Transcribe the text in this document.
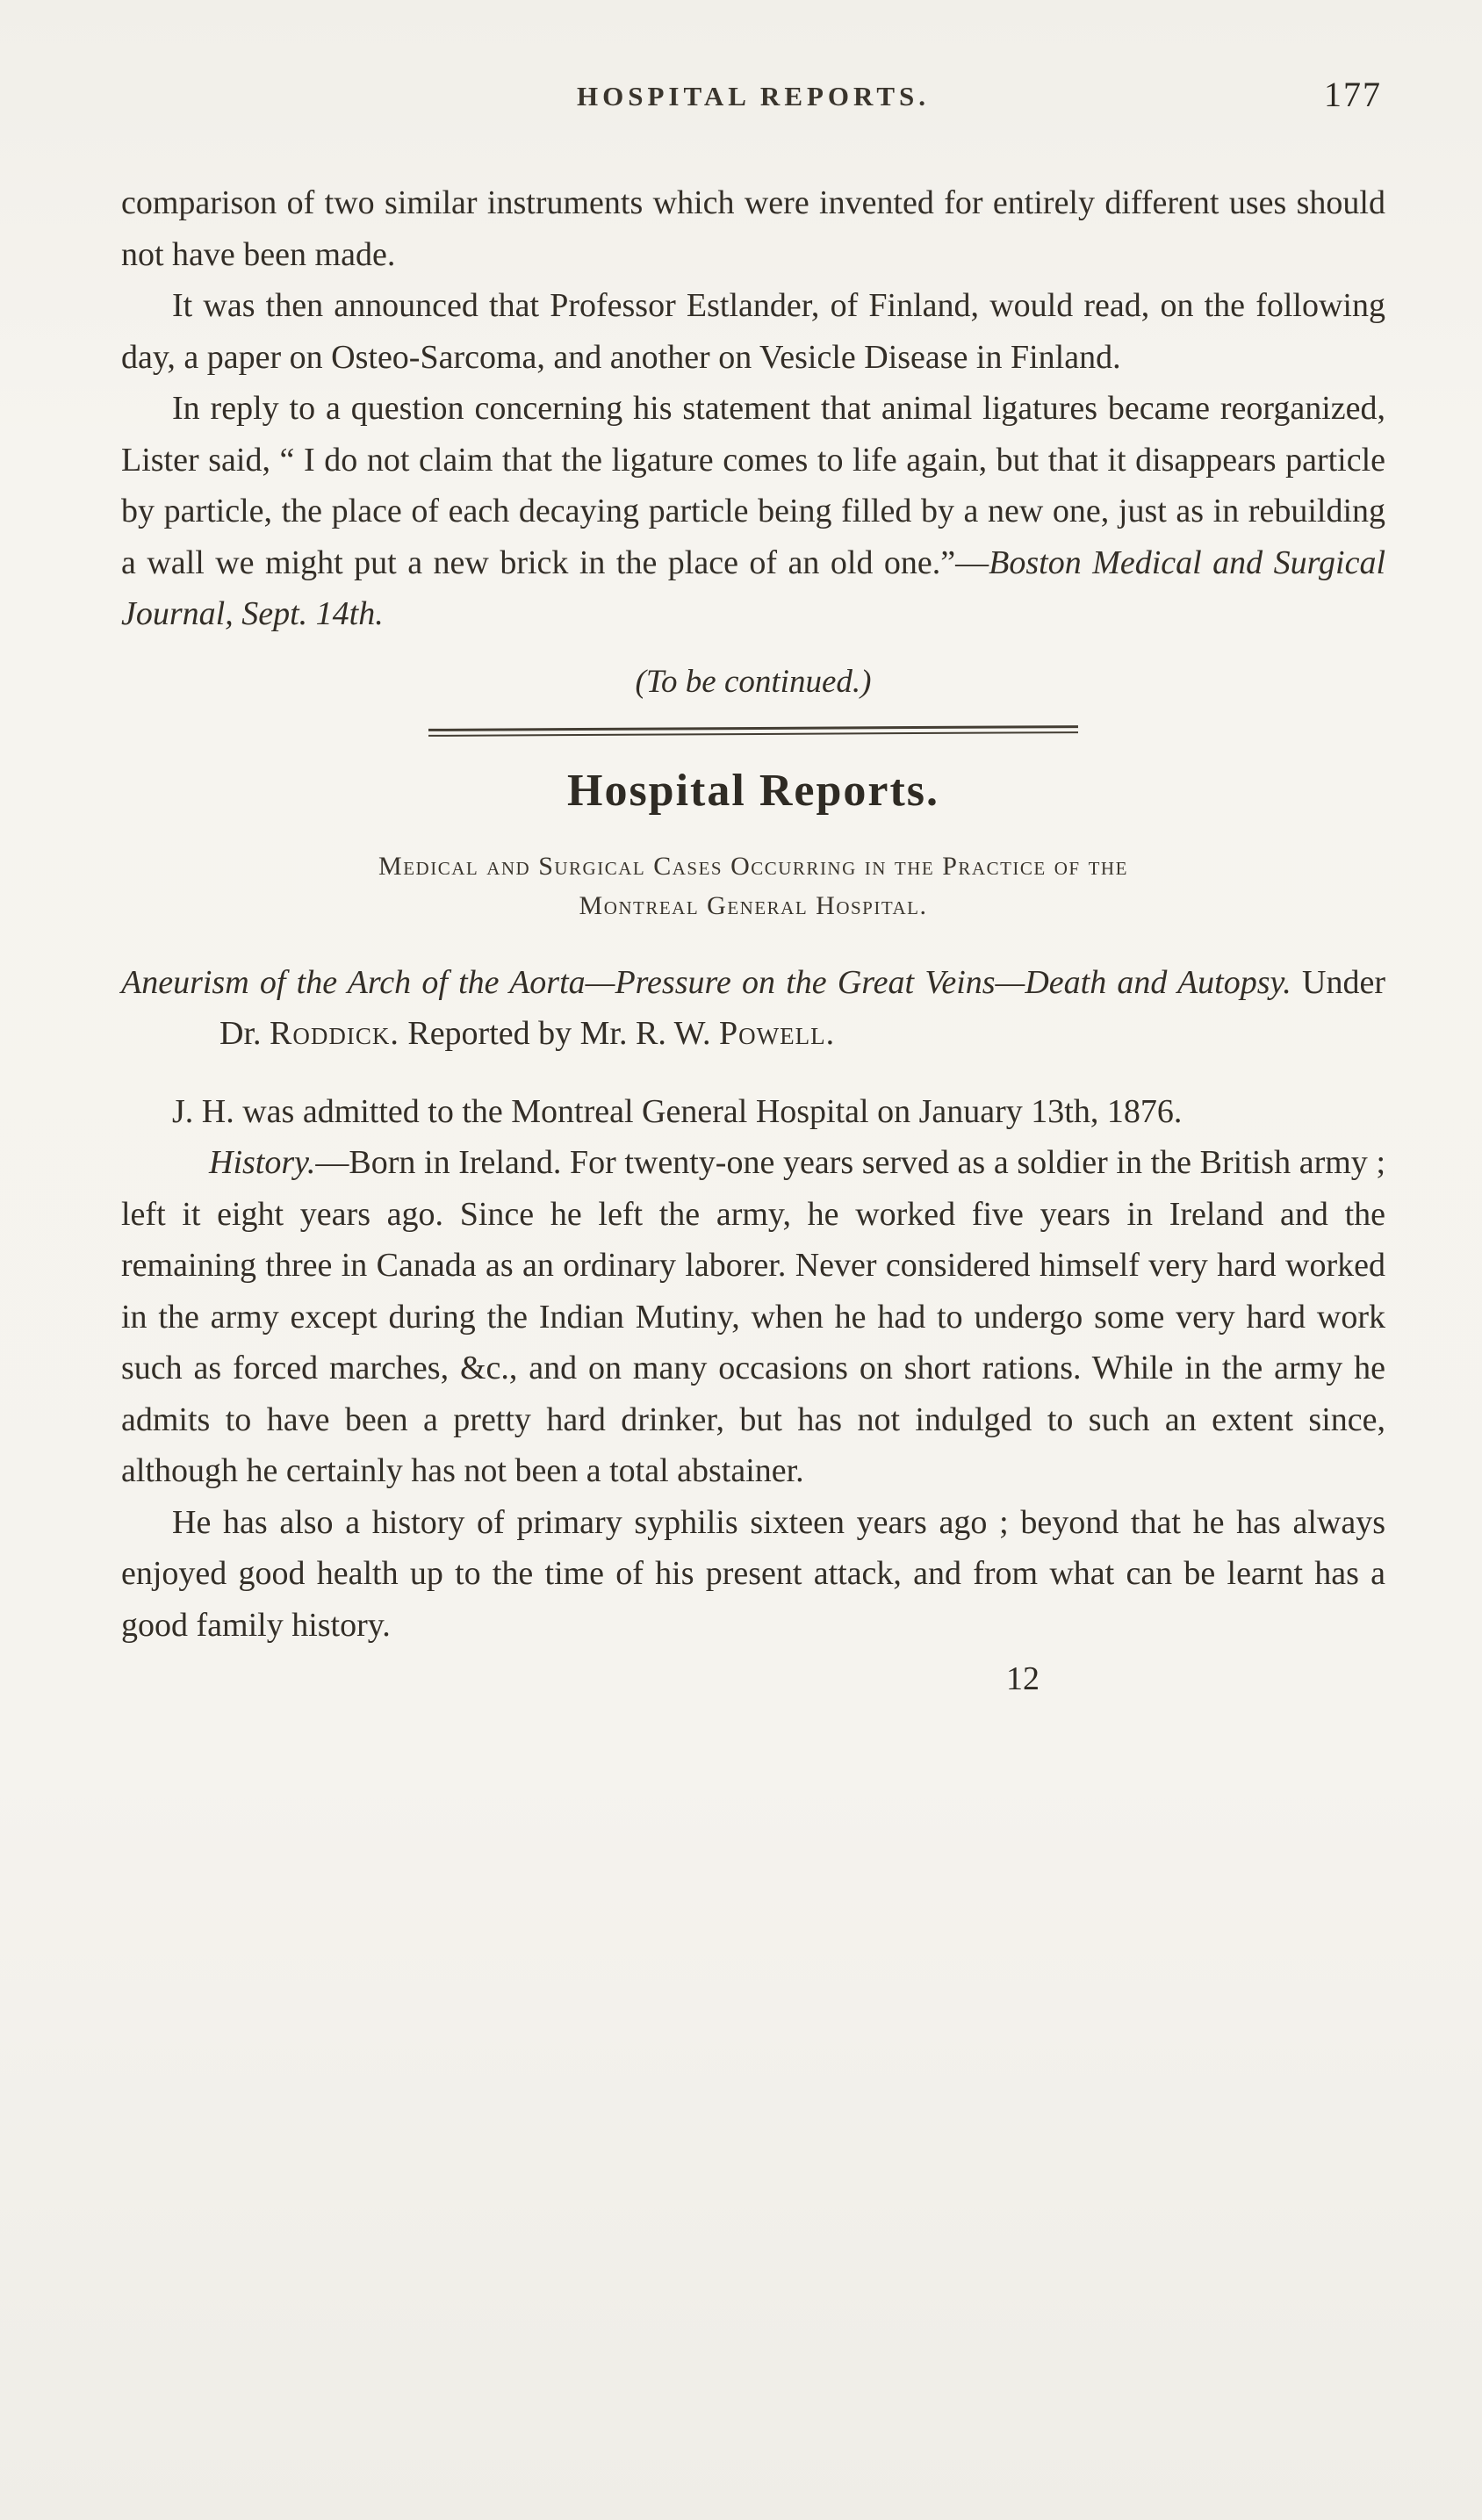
HOSPITAL REPORTS.	177

comparison of two similar instruments which were invented for entirely different uses should not have been made.

It was then announced that Professor Estlander, of Finland, would read, on the following day, a paper on Osteo-Sarcoma, and another on Vesicle Disease in Finland.

In reply to a question concerning his statement that animal ligatures became reorganized, Lister said, “ I do not claim that the ligature comes to life again, but that it disappears particle by particle, the place of each decaying particle being filled by a new one, just as in rebuilding a wall we might put a new brick in the place of an old one.”—Boston Medical and Surgical Journal, Sept. 14th.

(To be continued.)

Hospital Reports.

Medical and Surgical Cases Occurring in the Practice of the
Montreal General Hospital.

Aneurism of the Arch of the Aorta—Pressure on the Great Veins—Death and Autopsy. Under Dr. Roddick. Reported by Mr. R. W. Powell.

J. H. was admitted to the Montreal General Hospital on January 13th, 1876.

History.—Born in Ireland. For twenty-one years served as a soldier in the British army ; left it eight years ago. Since he left the army, he worked five years in Ireland and the remaining three in Canada as an ordinary laborer. Never considered himself very hard worked in the army except during the Indian Mutiny, when he had to undergo some very hard work such as forced marches, &c., and on many occasions on short rations. While in the army he admits to have been a pretty hard drinker, but has not indulged to such an extent since, although he certainly has not been a total abstainer.

He has also a history of primary syphilis sixteen years ago ; beyond that he has always enjoyed good health up to the time of his present attack, and from what can be learnt has a good family history.

12
